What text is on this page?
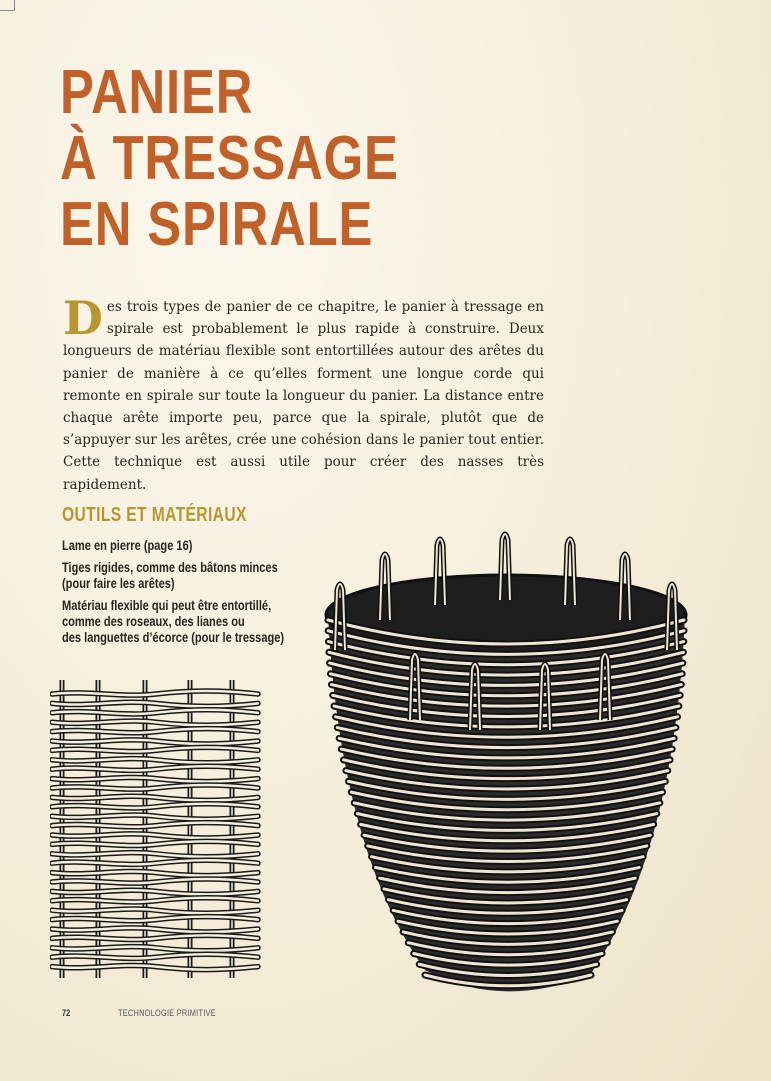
PANIER
À TRESSAGE
EN SPIRALE

Des trois types de panier de ce chapitre, le panier à tressage en spirale est probablement le plus rapide à construire. Deux longueurs de matériau flexible sont entortillées autour des arêtes du panier de manière à ce qu’elles forment une longue corde qui remonte en spirale sur toute la longueur du panier. La distance entre chaque arête importe peu, parce que la spirale, plutôt que de s’appuyer sur les arêtes, crée une cohésion dans le panier tout entier. Cette technique est aussi utile pour créer des nasses très rapidement.

OUTILS ET MATÉRIAUX
Lame en pierre (page 16)
Tiges rigides, comme des bâtons minces
(pour faire les arêtes)
Matériau flexible qui peut être entortillé,
comme des roseaux, des lianes ou
des languettes d’écorce (pour le tressage)
72	TECHNOLOGIE PRIMITIVE
